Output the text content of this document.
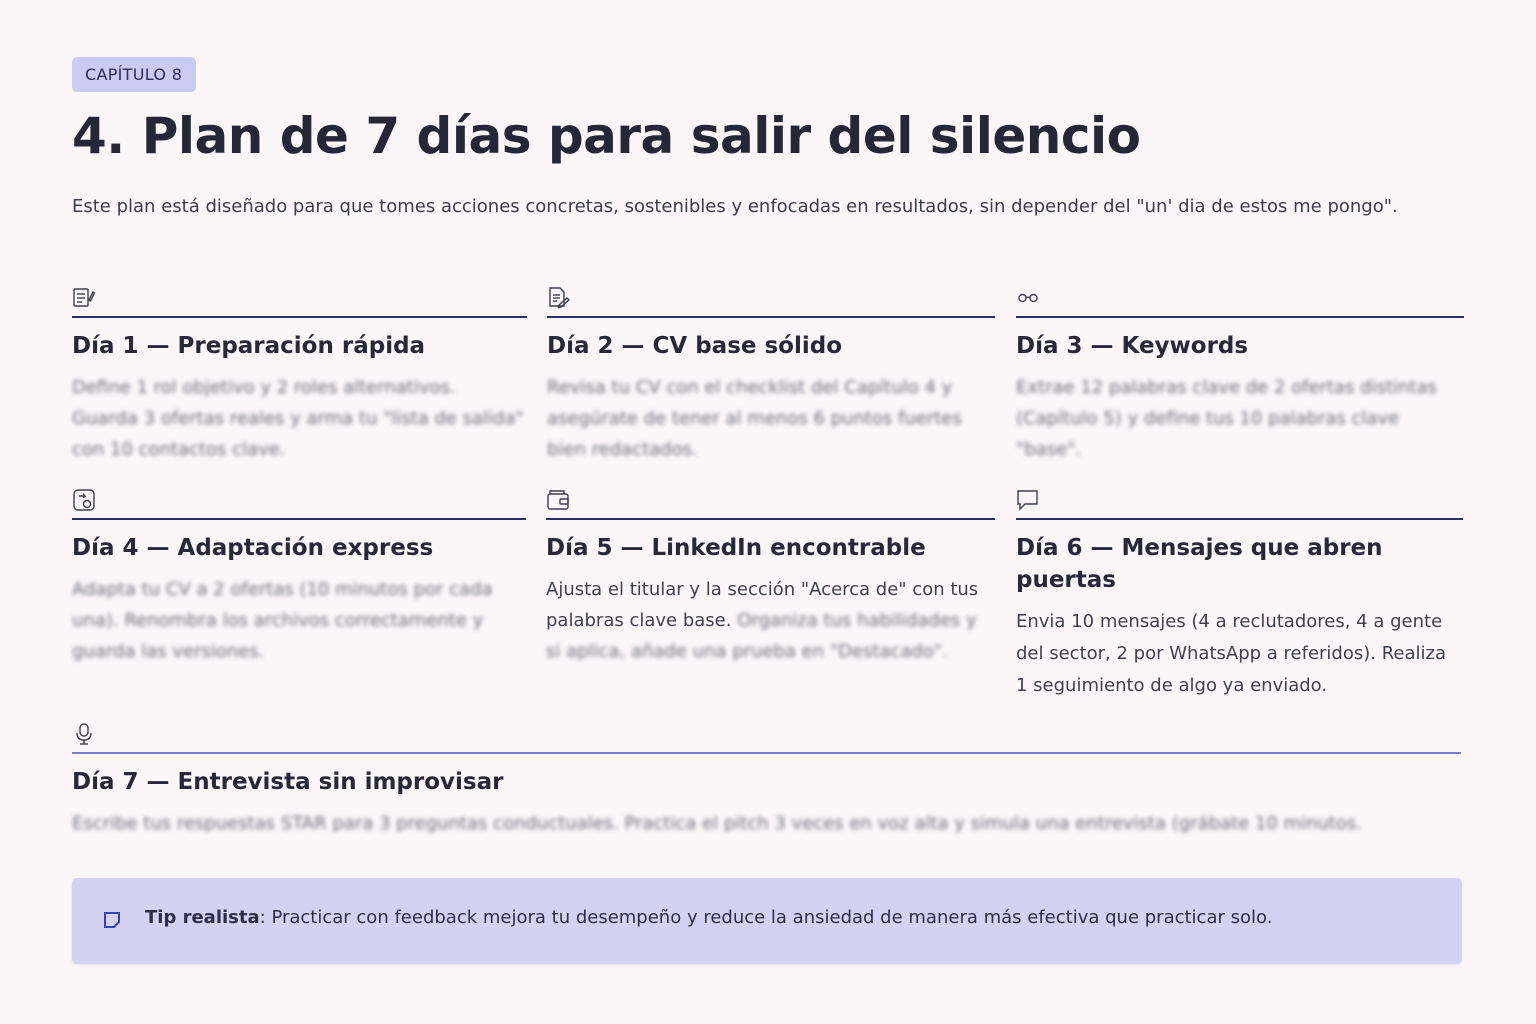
CAPÍTULO 8
4. Plan de 7 días para salir del silencio
Este plan está diseñado para que tomes acciones concretas, sostenibles y enfocadas en resultados, sin depender del "un' dia de estos me pongo".
Día 1 — Preparación rápida
Define 1 rol objetivo y 2 roles alternativos. Guarda 3 ofertas reales y arma tu "lista de salida" con 10 contactos clave.
Día 2 — CV base sólido
Revisa tu CV con el checklist del Capítulo 4 y asegúrate de tener al menos 6 puntos fuertes bien redactados.
Día 3 — Keywords
Extrae 12 palabras clave de 2 ofertas distintas (Capítulo 5) y define tus 10 palabras clave "base".
Día 4 — Adaptación express
Adapta tu CV a 2 ofertas (10 minutos por cada una). Renombra los archivos correctamente y guarda las versiones.
Día 5 — LinkedIn encontrable
Ajusta el titular y la sección "Acerca de" con tus palabras clave base. Organiza tus habilidades y si aplica, añade una prueba en "Destacado".
Día 6 — Mensajes que abren puertas
Envia 10 mensajes (4 a reclutadores, 4 a gente del sector, 2 por WhatsApp a referidos). Realiza 1 seguimiento de algo ya enviado.
Día 7 — Entrevista sin improvisar
Escribe tus respuestas STAR para 3 preguntas conductuales. Practica el pitch 3 veces en voz alta y simula una entrevista (grábate 10 minutos.
Tip realista: Practicar con feedback mejora tu desempeño y reduce la ansiedad de manera más efectiva que practicar solo.
